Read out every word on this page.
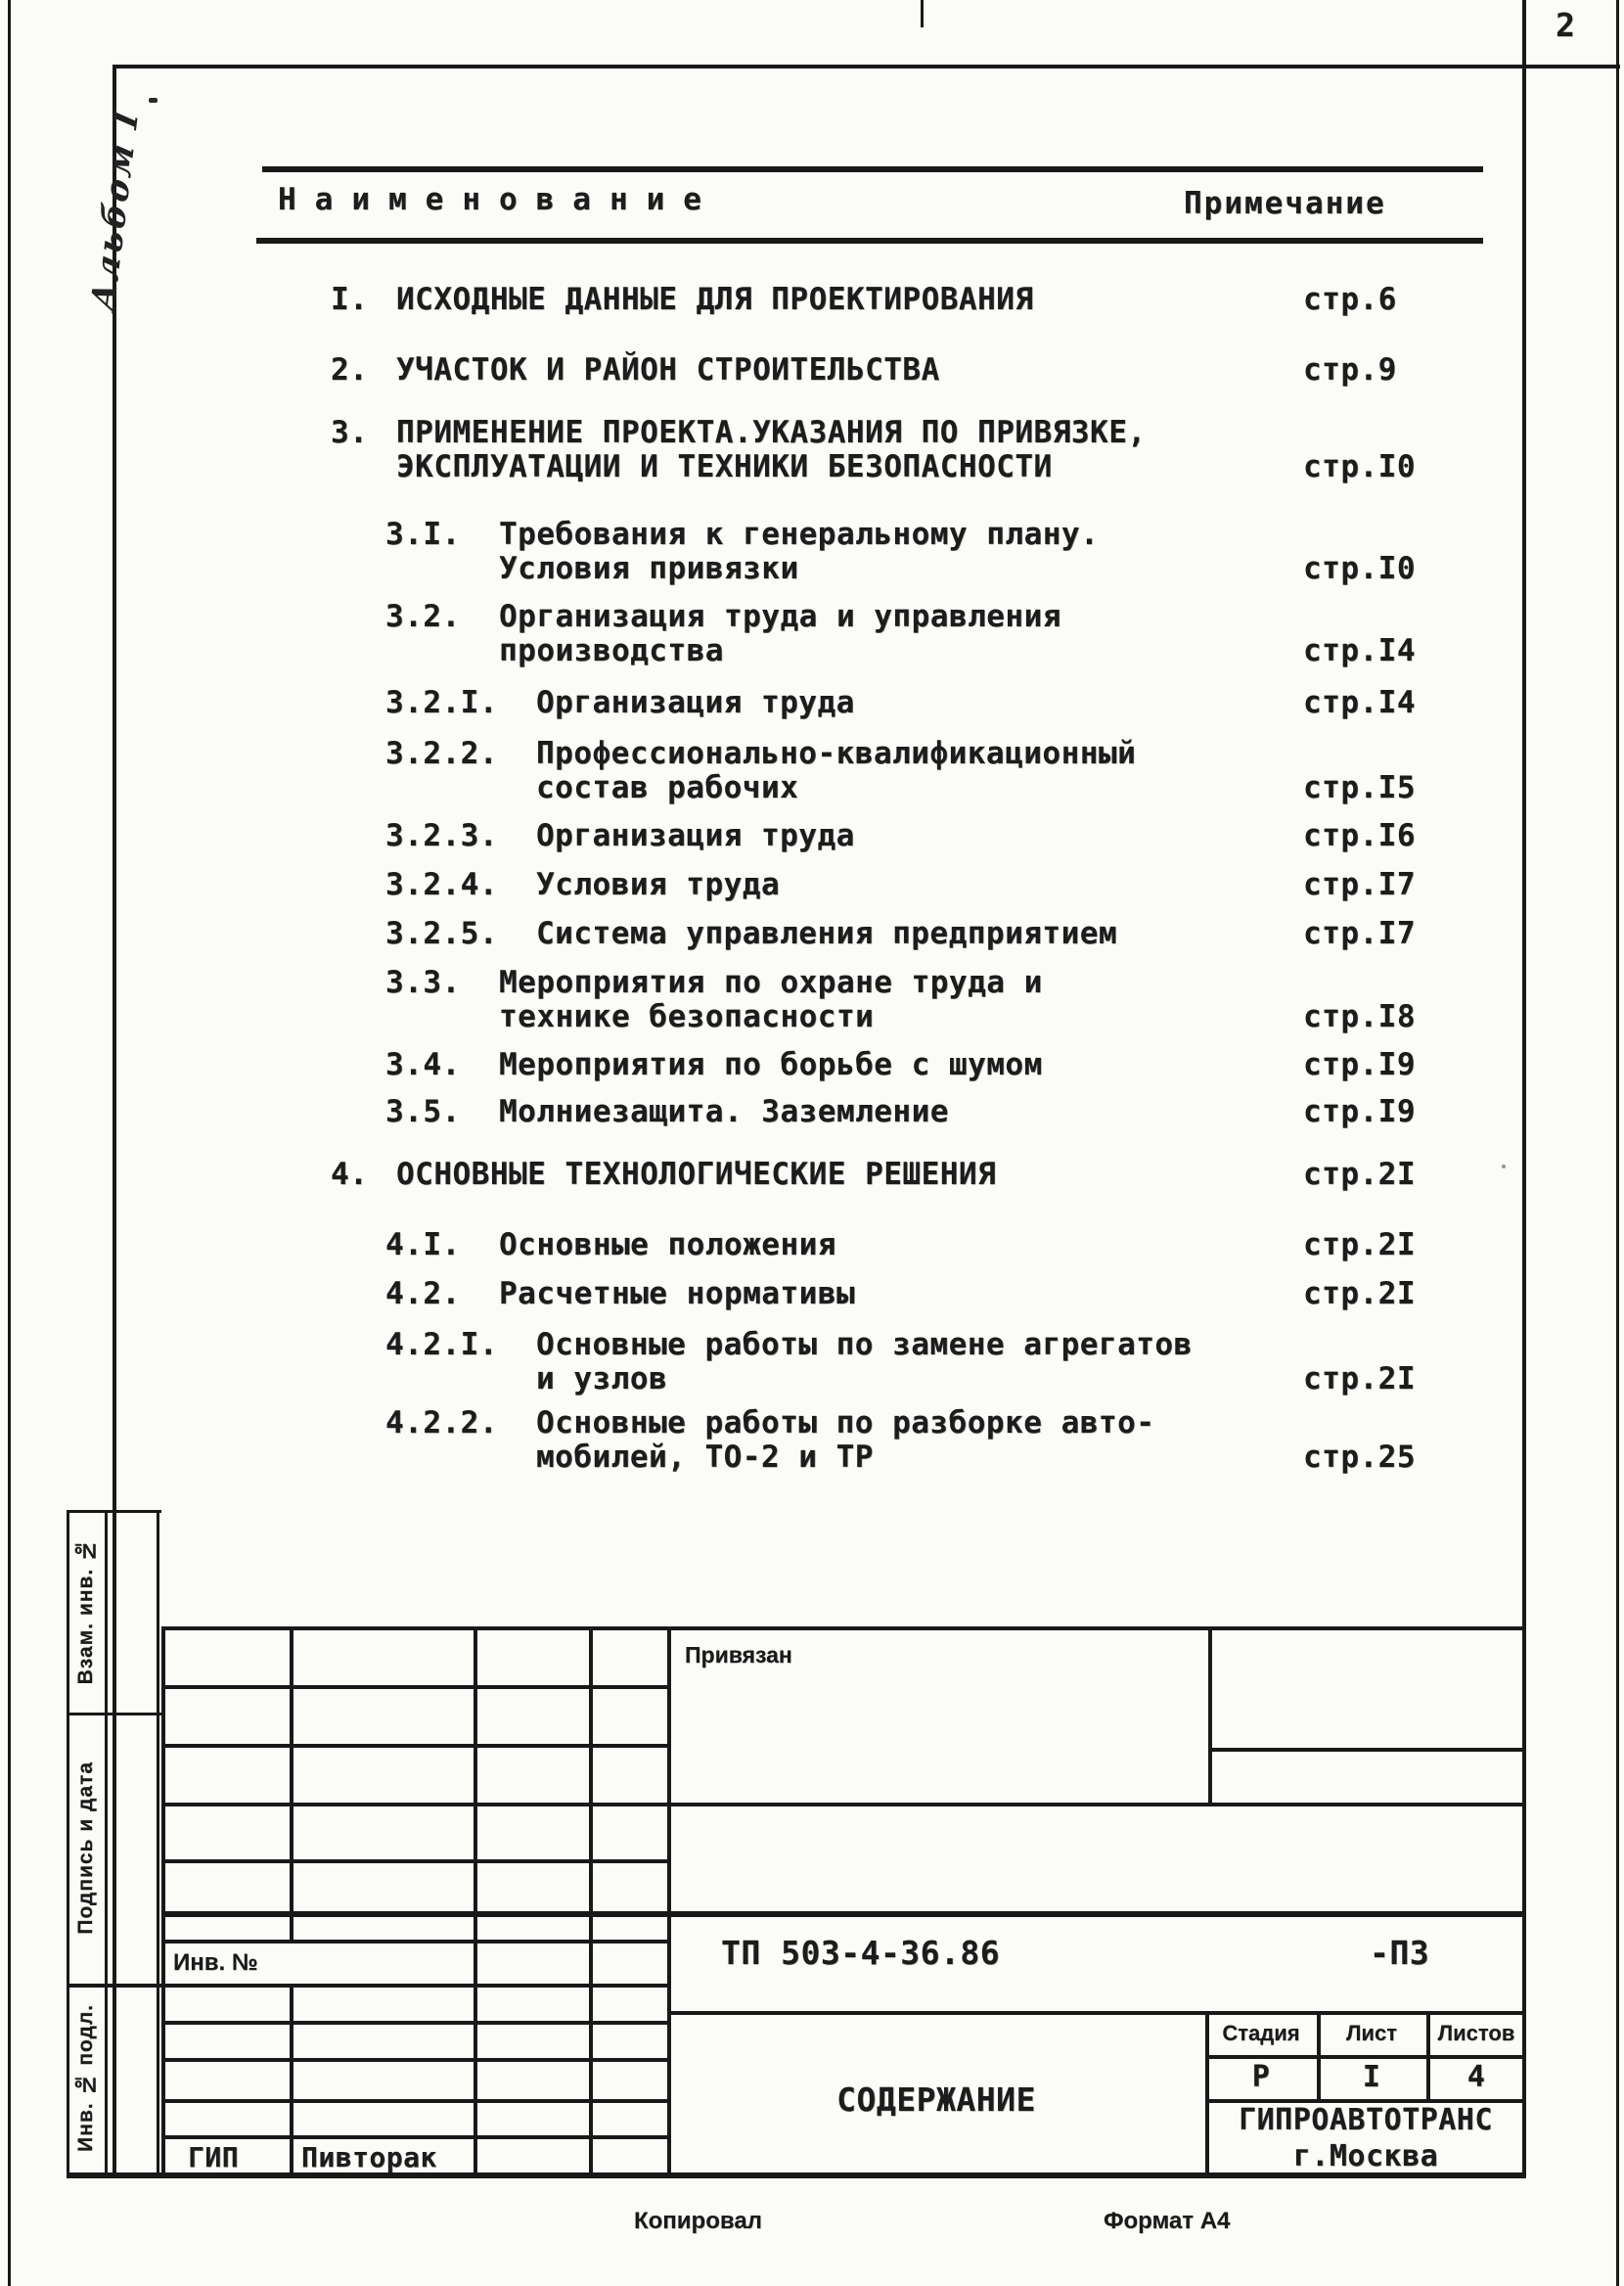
2
Альбом I	Наименование	Примечание
I. ИСХОДНЫЕ ДАННЫЕ ДЛЯ ПРОЕКТИРОВАНИЯ	стр.6
2. УЧАСТОК И РАЙОН СТРОИТЕЛЬСТВА	стр.9
3. ПРИМЕНЕНИЕ ПРОЕКТА.УКАЗАНИЯ ПО ПРИВЯЗКЕ,
ЭКСПЛУАТАЦИИ И ТЕХНИКИ БЕЗОПАСНОСТИ	стр.I0
3.I. Требования к генеральному плану.
Условия привязки	стр.I0
3.2. Организация труда и управления
производства	стр.I4
3.2.I. Организация труда	стр.I4
3.2.2. Профессионально-квалификационный
состав рабочих	стр.I5
3.2.3. Организация труда	стр.I6
3.2.4. Условия труда	стр.I7
3.2.5. Система управления предприятием	стр.I7
3.3. Мероприятия по охране труда и
технике безопасности	стр.I8
3.4. Мероприятия по борьбе с шумом	стр.I9
3.5. Молниезащита. Заземление	стр.I9
4. ОСНОВНЫЕ ТЕХНОЛОГИЧЕСКИЕ РЕШЕНИЯ	стр.2I
4.I. Основные положения	стр.2I
4.2. Расчетные нормативы	стр.2I
4.2.I. Основные работы по замене агрегатов
и узлов	стр.2I
4.2.2. Основные работы по разборке авто-
мобилей, ТО-2 и ТР	стр.25
Взам. инв. №
Подпись и дата
Инв. № подл.
Привязан
Инв. №	ТП 503-4-36.86	-ПЗ
Стадия Лист Листов
Р	I	4
СОДЕРЖАНИЕ
ГИПРОАВТОТРАНС
г.Москва
ГИП Пивторак
Копировал	Формат А4
